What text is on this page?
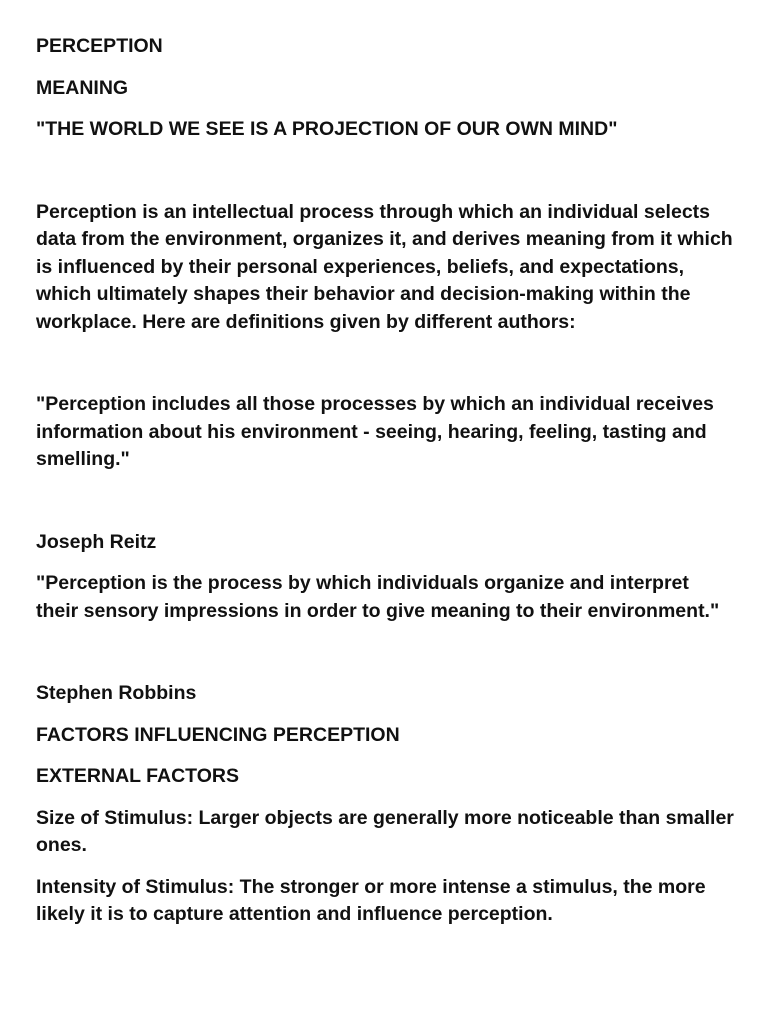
PERCEPTION

MEANING

"THE WORLD WE SEE IS A PROJECTION OF OUR OWN MIND"

Perception is an intellectual process through which an individual selects data from the environment, organizes it, and derives meaning from it which is influenced by their personal experiences, beliefs, and expectations, which ultimately shapes their behavior and decision-making within the workplace. Here are definitions given by different authors:

"Perception includes all those processes by which an individual receives information about his environment - seeing, hearing, feeling, tasting and smelling."

Joseph Reitz

"Perception is the process by which individuals organize and interpret their sensory impressions in order to give meaning to their environment."

Stephen Robbins

FACTORS INFLUENCING PERCEPTION

EXTERNAL FACTORS

Size of Stimulus: Larger objects are generally more noticeable than smaller ones.

Intensity of Stimulus: The stronger or more intense a stimulus, the more likely it is to capture attention and influence perception.
